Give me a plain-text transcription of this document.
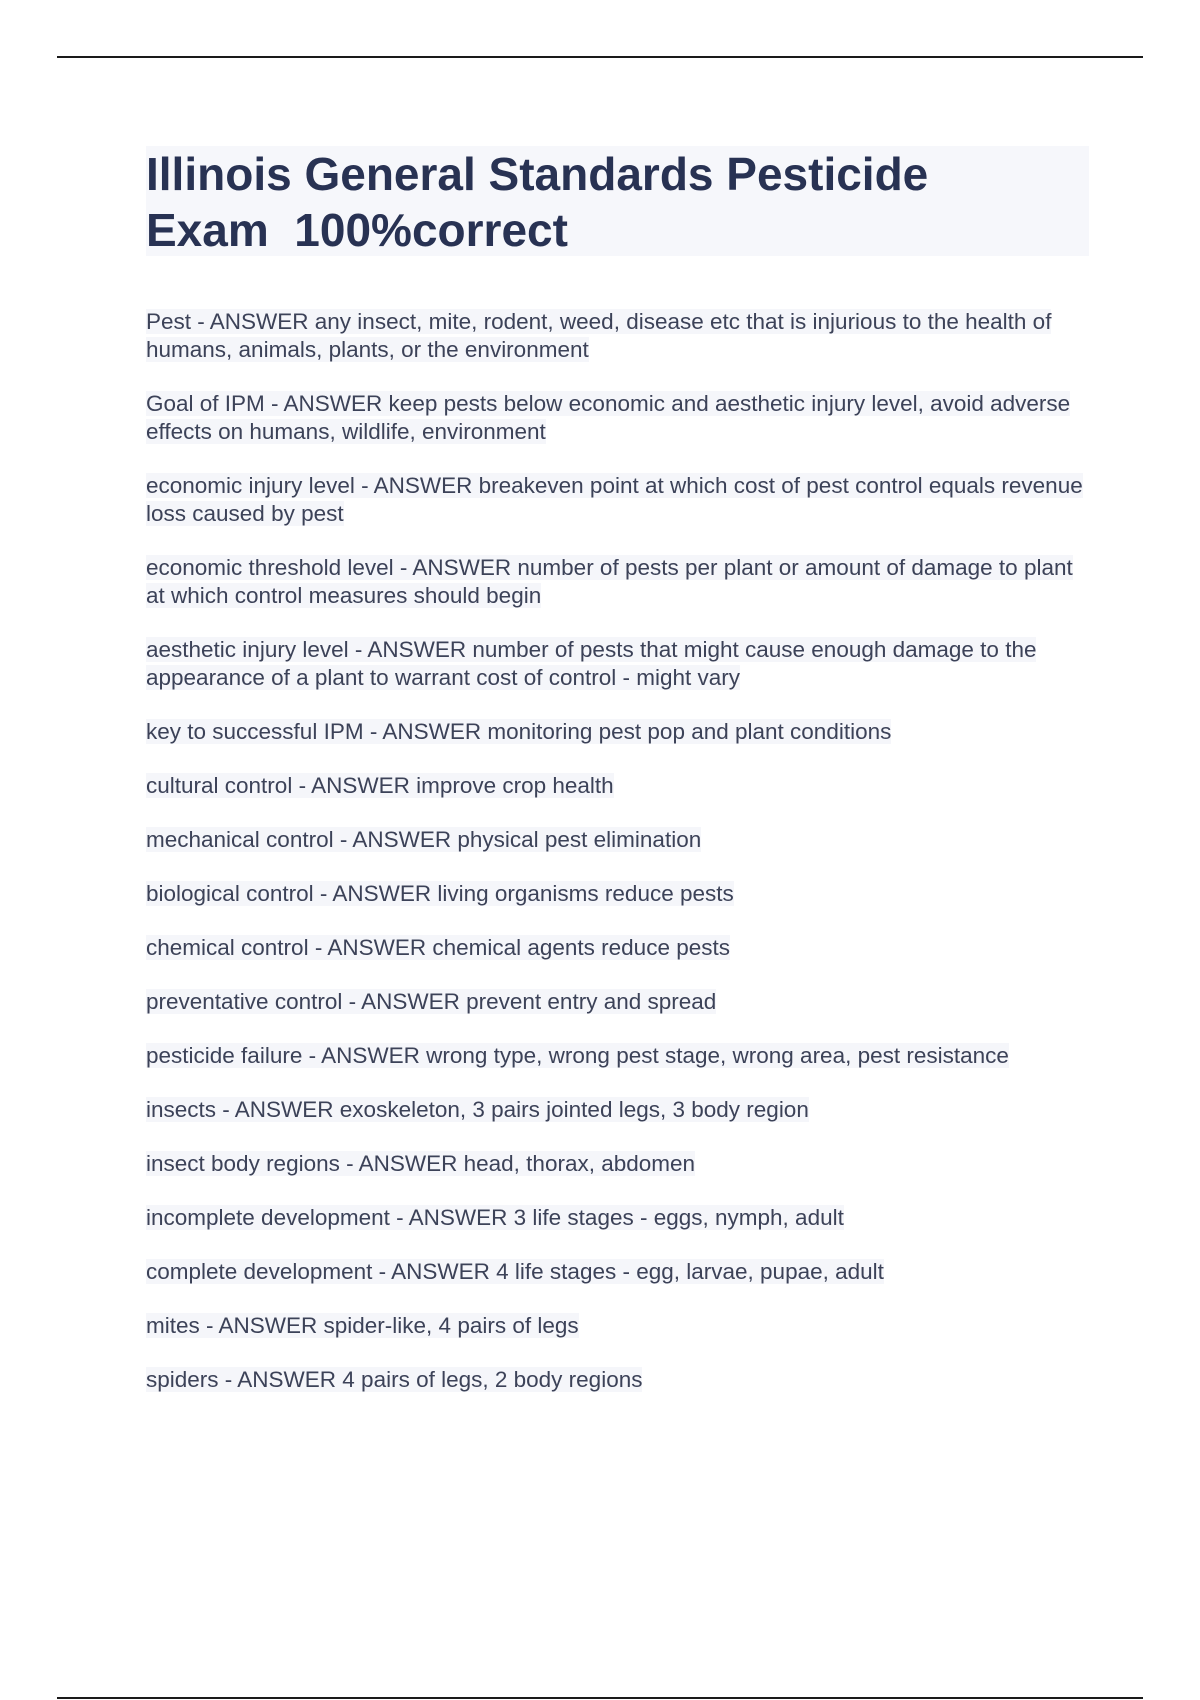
Illinois General Standards Pesticide
Exam  100%correct

Pest - ANSWER any insect, mite, rodent, weed, disease etc that is injurious to the health of humans, animals, plants, or the environment

Goal of IPM - ANSWER keep pests below economic and aesthetic injury level, avoid adverse effects on humans, wildlife, environment

economic injury level - ANSWER breakeven point at which cost of pest control equals revenue loss caused by pest

economic threshold level - ANSWER number of pests per plant or amount of damage to plant at which control measures should begin

aesthetic injury level - ANSWER number of pests that might cause enough damage to the appearance of a plant to warrant cost of control - might vary

key to successful IPM - ANSWER monitoring pest pop and plant conditions

cultural control - ANSWER improve crop health

mechanical control - ANSWER physical pest elimination

biological control - ANSWER living organisms reduce pests

chemical control - ANSWER chemical agents reduce pests

preventative control - ANSWER prevent entry and spread

pesticide failure - ANSWER wrong type, wrong pest stage, wrong area, pest resistance

insects - ANSWER exoskeleton, 3 pairs jointed legs, 3 body region

insect body regions - ANSWER head, thorax, abdomen

incomplete development - ANSWER 3 life stages - eggs, nymph, adult

complete development - ANSWER 4 life stages - egg, larvae, pupae, adult

mites - ANSWER spider-like, 4 pairs of legs

spiders - ANSWER 4 pairs of legs, 2 body regions
